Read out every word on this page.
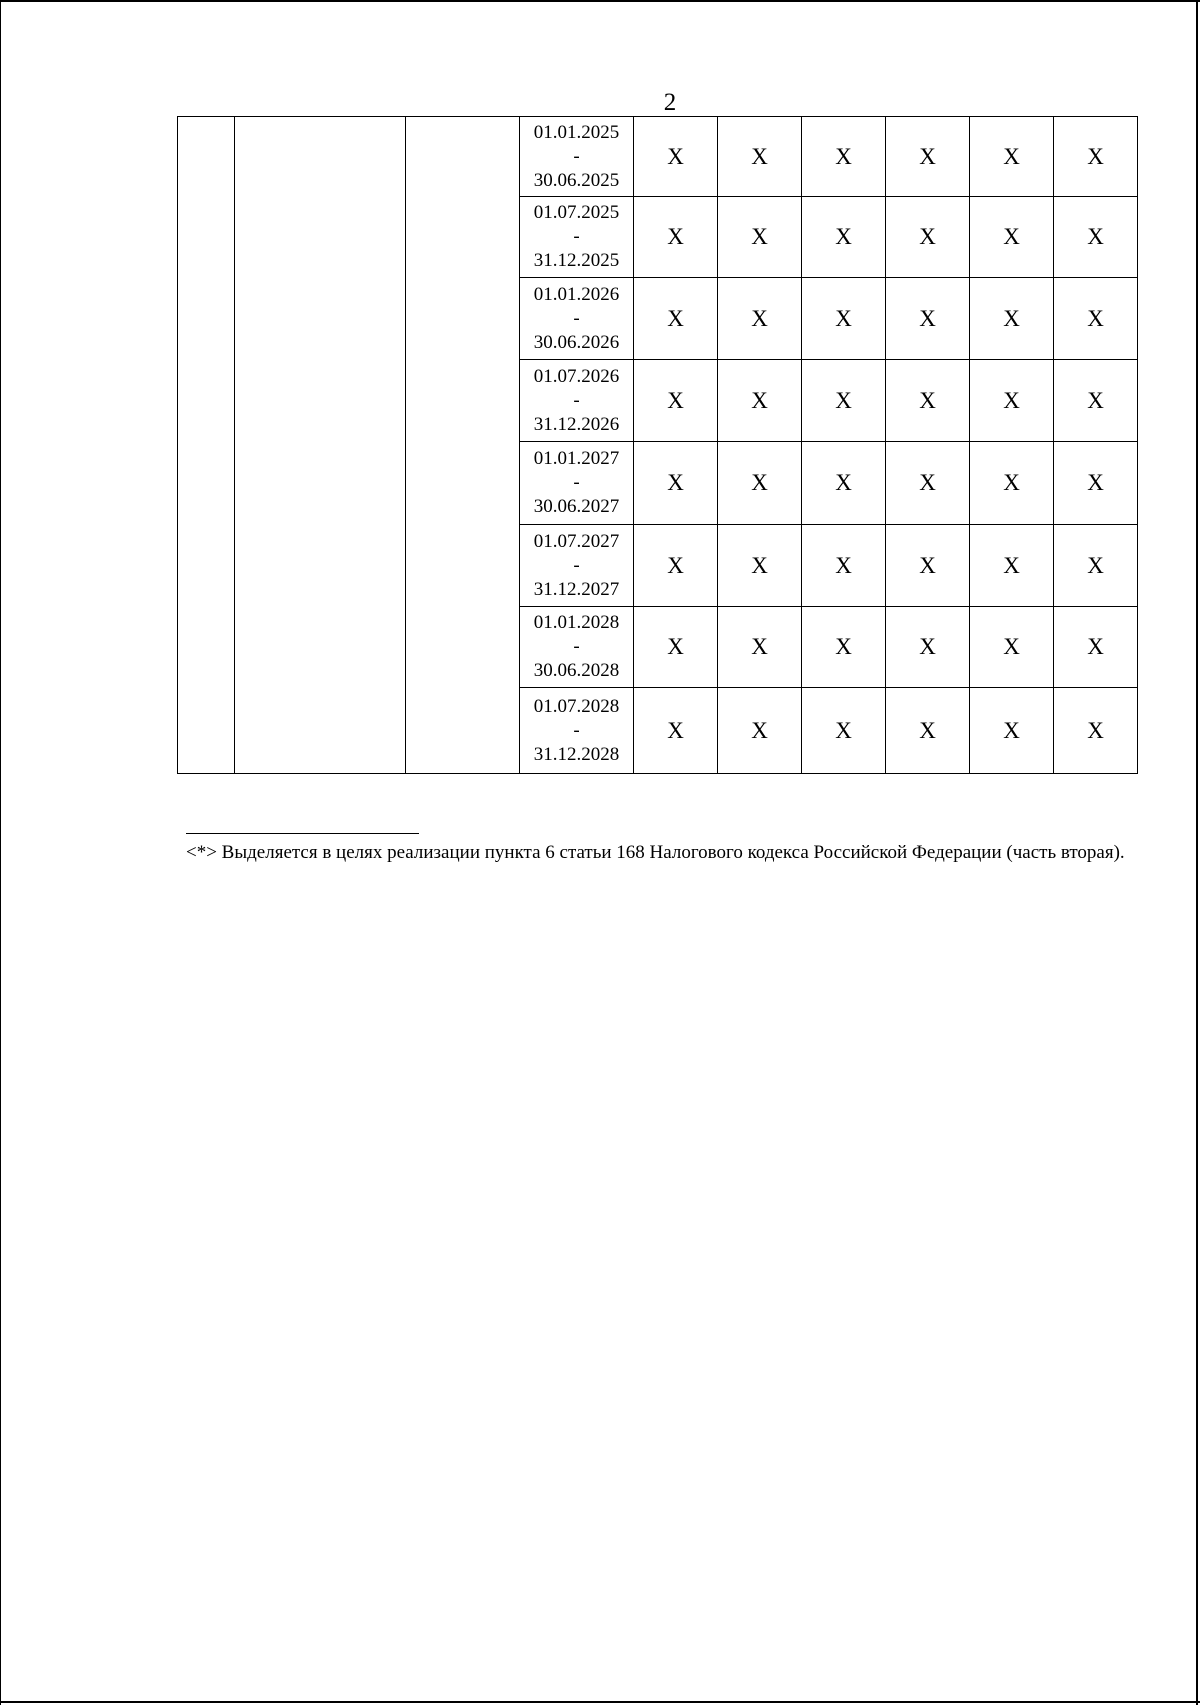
2

			01.01.2025
-
30.06.2025	X	X	X	X	X	X

			01.07.2025
-
31.12.2025	X	X	X	X	X	X

			01.01.2026
-
30.06.2026	X	X	X	X	X	X

			01.07.2026
-
31.12.2026	X	X	X	X	X	X

			01.01.2027
-
30.06.2027	X	X	X	X	X	X

			01.07.2027
-
31.12.2027	X	X	X	X	X	X

			01.01.2028
-
30.06.2028	X	X	X	X	X	X

			01.07.2028
-
31.12.2028	X	X	X	X	X	X
<*> Выделяется в целях реализации пункта 6 статьи 168 Налогового кодекса Российской Федерации (часть вторая).
